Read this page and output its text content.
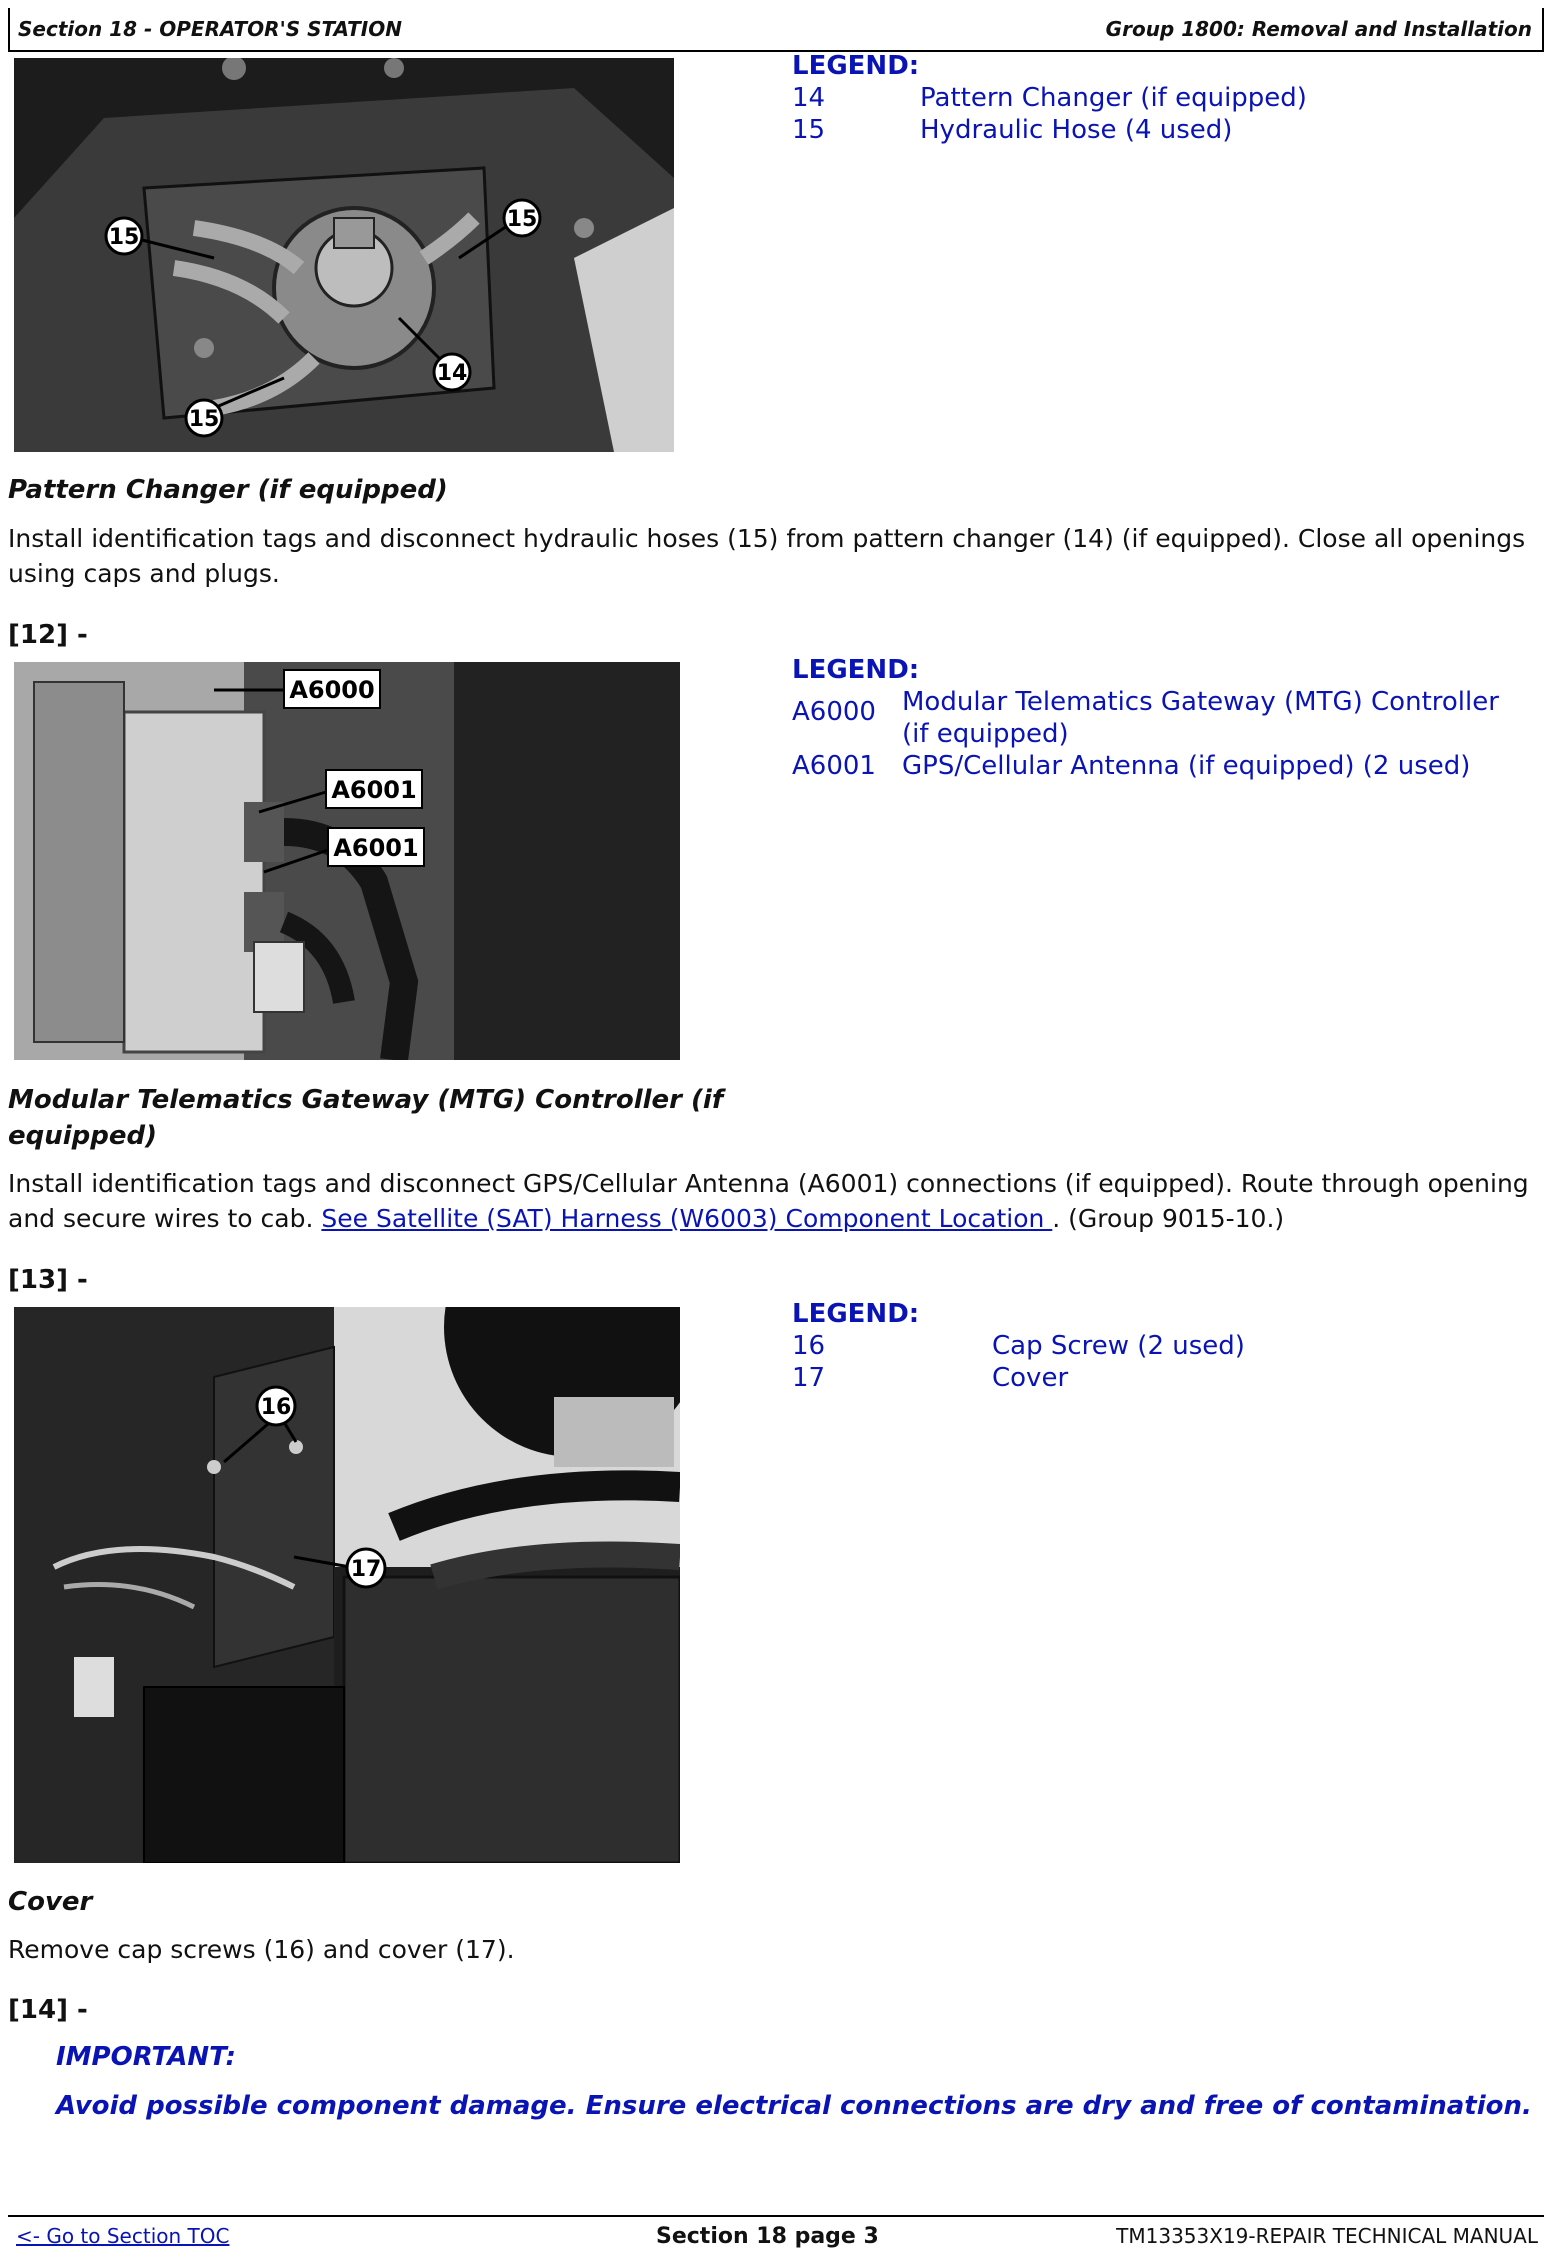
Section 18 - OPERATOR'S STATION	Group 1800: Removal and Installation
15
15
14
15
LEGEND:
14	Pattern Changer (if equipped)
15	Hydraulic Hose (4 used)
Pattern Changer (if equipped)
Install identification tags and disconnect hydraulic hoses (15) from pattern changer (14) (if equipped). Close all openings using caps and plugs.
[12] -
A6000
A6001
A6001
LEGEND:
A6000 Modular Telematics Gateway (MTG) Controller (if equipped)
A6001 GPS/Cellular Antenna (if equipped) (2 used)
Modular Telematics Gateway (MTG) Controller (if
equipped)
Install identification tags and disconnect GPS/Cellular Antenna (A6001) connections (if equipped). Route through opening and secure wires to cab. See Satellite (SAT) Harness (W6003) Component Location . (Group 9015-10.)
[13] -
16
17
LEGEND:
16	Cap Screw (2 used)
17	Cover
Cover
Remove cap screws (16) and cover (17).
[14] -
IMPORTANT:
Avoid possible component damage. Ensure electrical connections are dry and free of contamination.
<- Go to Section TOC	Section 18 page 3	TM13353X19-REPAIR TECHNICAL MANUAL
